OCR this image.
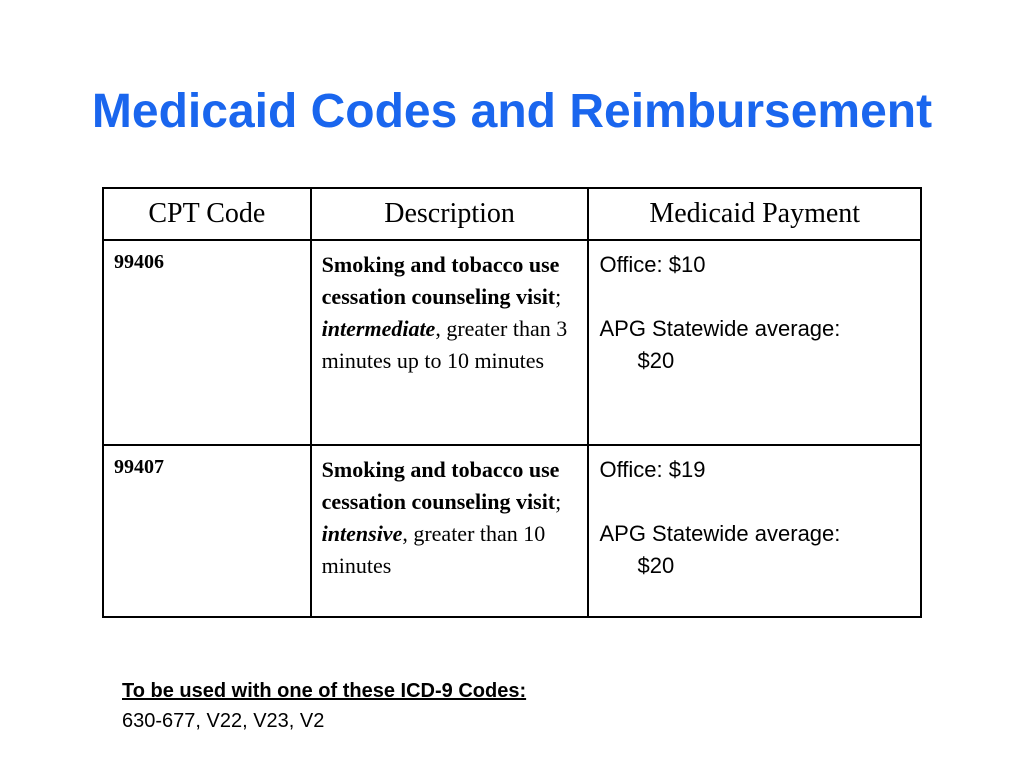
Medicaid Codes and Reimbursement
CPT Code	Description	Medicaid Payment
99406	Smoking and tobacco use cessation counseling visit; intermediate, greater than 3 minutes up to 10 minutes	Office: $10
APG Statewide average:
$20

99407	Smoking and tobacco use cessation counseling visit; intensive, greater than 10 minutes	Office: $19
APG Statewide average:
$20
To be used with one of these ICD-9 Codes:
630-677, V22, V23, V2
